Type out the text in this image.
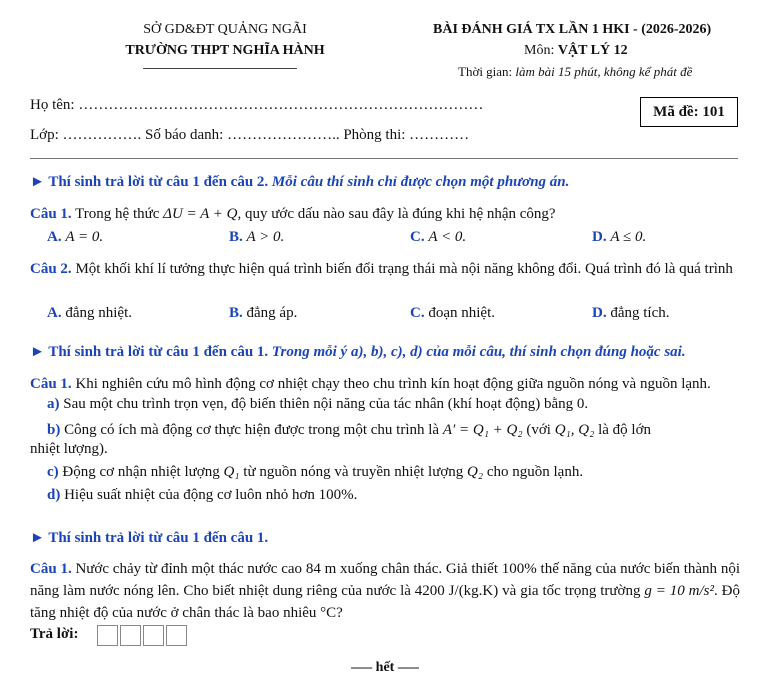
SỞ GD&ĐT QUẢNG NGÃI
TRƯỜNG THPT NGHĨA HÀNH
BÀI ĐÁNH GIÁ TX LẦN 1 HKI - (2026-2026)
Môn: VẬT LÝ 12
Thời gian: làm bài 15 phút, không kể phát đề
Họ tên: ………………………………………………………………………	Mã đề: 101
Lớp: ……………. Số báo danh: ………………….. Phòng thi: …………
► Thí sinh trả lời từ câu 1 đến câu 2. Mỗi câu thí sinh chỉ được chọn một phương án.
Câu 1. Trong hệ thức ΔU = A + Q, quy ước dấu nào sau đây là đúng khi hệ nhận công?
A. A = 0.	B. A > 0.	C. A < 0.	D. A ≤ 0.
Câu 2. Một khối khí lí tưởng thực hiện quá trình biến đổi trạng thái mà nội năng không đổi. Quá trình đó là quá trình
A. đẳng nhiệt.	B. đẳng áp.	C. đoạn nhiệt.	D. đẳng tích.
► Thí sinh trả lời từ câu 1 đến câu 1. Trong mỗi ý a), b), c), d) của mỗi câu, thí sinh chọn đúng hoặc sai.
Câu 1. Khi nghiên cứu mô hình động cơ nhiệt chạy theo chu trình kín hoạt động giữa nguồn nóng và nguồn lạnh.
a) Sau một chu trình trọn vẹn, độ biến thiên nội năng của tác nhân (khí hoạt động) bằng 0.
b) Công có ích mà động cơ thực hiện được trong một chu trình là A′ = Q₁ + Q₂ (với Q₁, Q₂ là độ lớn
nhiệt lượng).
c) Động cơ nhận nhiệt lượng Q₁ từ nguồn nóng và truyền nhiệt lượng Q₂ cho nguồn lạnh.
d) Hiệu suất nhiệt của động cơ luôn nhỏ hơn 100%.
► Thí sinh trả lời từ câu 1 đến câu 1.
Câu 1. Nước chảy từ đỉnh một thác nước cao 84 m xuống chân thác. Giả thiết 100% thế năng của nước biến thành nội năng làm nước nóng lên. Cho biết nhiệt dung riêng của nước là 4200 J/(kg.K) và gia tốc trọng trường g = 10 m/s². Độ tăng nhiệt độ của nước ở chân thác là bao nhiêu °C?
Trả lời:
—– hết —–
